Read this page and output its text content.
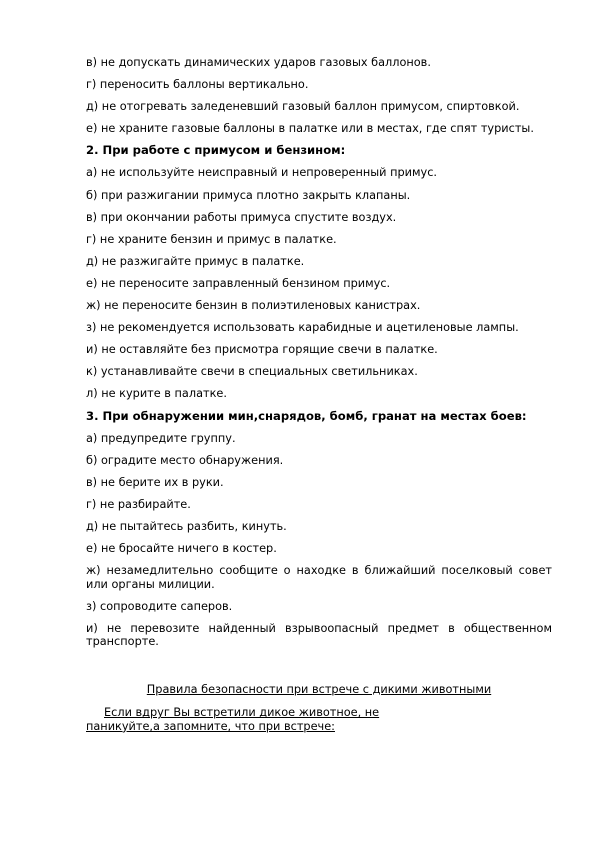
в) не допускать динамических ударов газовых баллонов.

г) переносить баллоны вертикально.

д) не отогревать заледеневший газовый баллон примусом, спиртовкой.

е) не храните газовые баллоны в палатке или в местах, где спят туристы.

2. При работе с примусом и бензином:

а) не используйте неисправный и непроверенный примус.

б) при разжигании примуса плотно закрыть клапаны.

в) при окончании работы примуса спустите воздух.

г) не храните бензин и примус в палатке.

д) не разжигайте примус в палатке.

е) не переносите заправленный бензином примус.

ж) не переносите бензин в полиэтиленовых канистрах.

з) не рекомендуется использовать карабидные и ацетиленовые лампы.

и) не оставляйте без присмотра горящие свечи в палатке.

к) устанавливайте свечи в специальных светильниках.

л) не курите в палатке.

3. При обнаружении мин,снарядов, бомб, гранат на местах боев:

а) предупредите группу.

б) оградите место обнаружения.

в) не берите их в руки.

г) не разбирайте.

д) не пытайтесь разбить, кинуть.

е) не бросайте ничего в костер.

ж) незамедлительно сообщите о находке в ближайший поселковый совет или органы милиции.

з) сопроводите саперов.

и) не перевозите найденный взрывоопасный предмет в общественном транспорте.

Правила безопасности при встрече с дикими животными

Если вдруг Вы встретили дикое животное, не паникуйте,а запомните, что при встрече:
